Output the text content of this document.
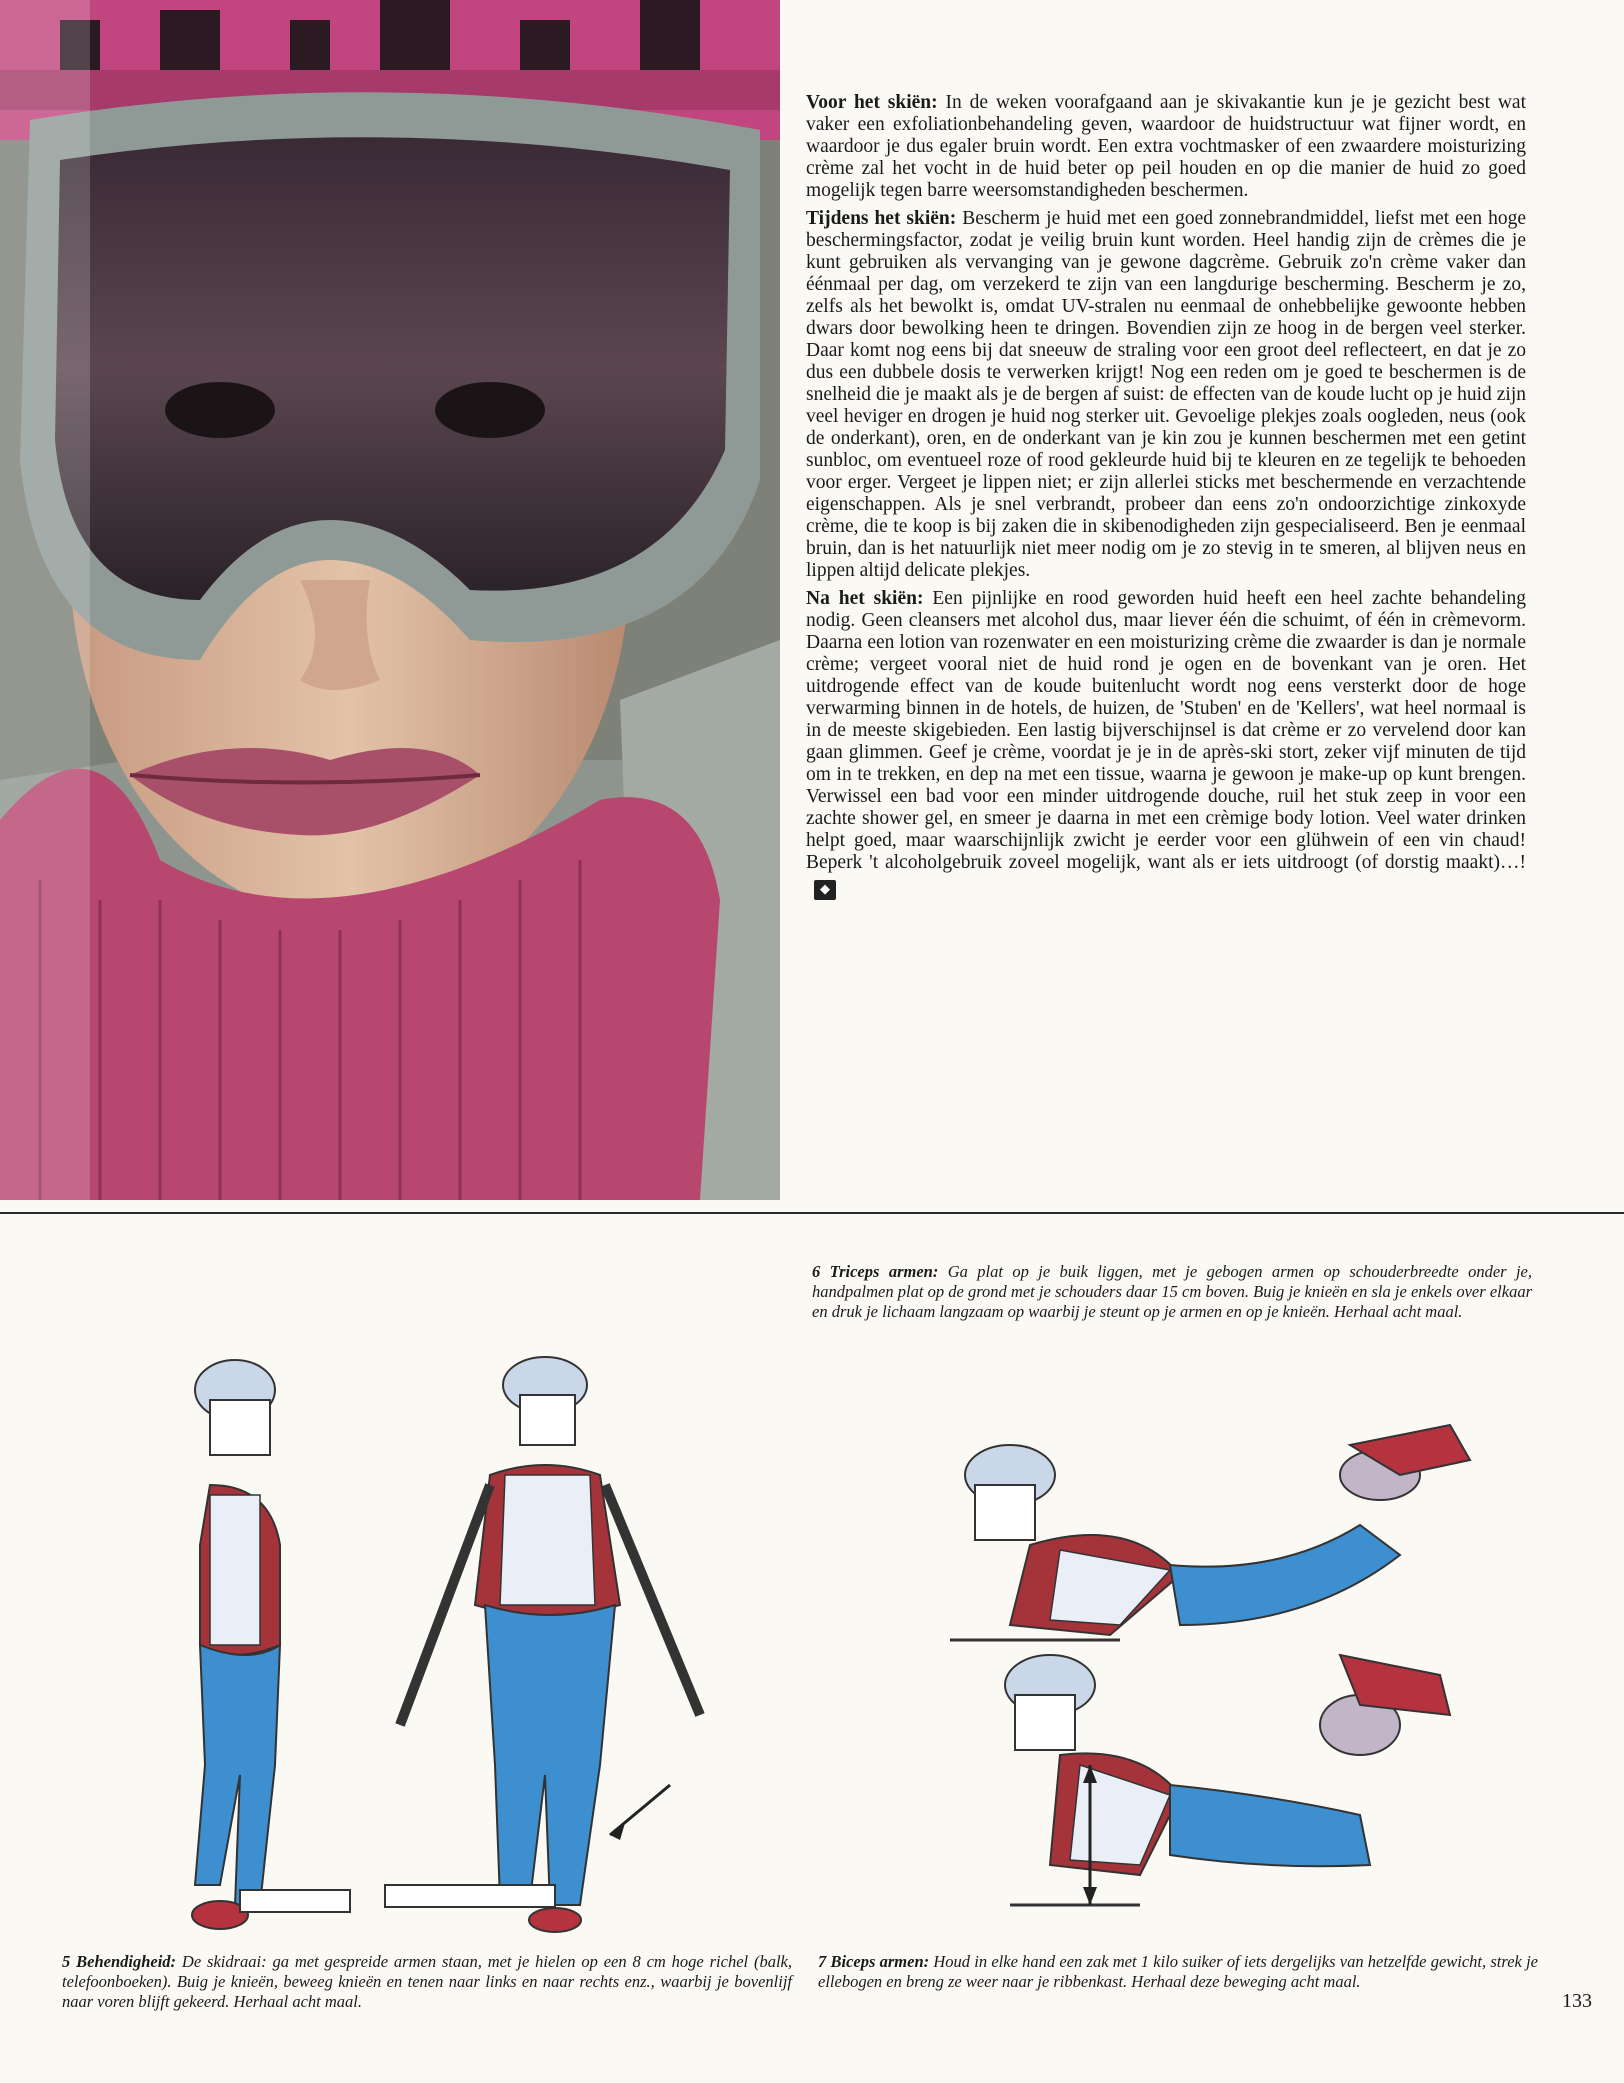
Voor het skiën: In de weken voorafgaand aan je skivakantie kun je je gezicht best wat vaker een exfoliationbehandeling geven, waardoor de huidstructuur wat fijner wordt, en waardoor je dus egaler bruin wordt. Een extra vochtmasker of een zwaardere moisturizing crème zal het vocht in de huid beter op peil houden en op die manier de huid zo goed mogelijk tegen barre weersomstandigheden beschermen.

Tijdens het skiën: Bescherm je huid met een goed zonnebrandmiddel, liefst met een hoge beschermingsfactor, zodat je veilig bruin kunt worden. Heel handig zijn de crèmes die je kunt gebruiken als vervanging van je gewone dagcrème. Gebruik zo'n crème vaker dan éénmaal per dag, om verzekerd te zijn van een langdurige bescherming. Bescherm je zo, zelfs als het bewolkt is, omdat UV-stralen nu eenmaal de onhebbelijke gewoonte hebben dwars door bewolking heen te dringen. Bovendien zijn ze hoog in de bergen veel sterker. Daar komt nog eens bij dat sneeuw de straling voor een groot deel reflecteert, en dat je zo dus een dubbele dosis te verwerken krijgt! Nog een reden om je goed te beschermen is de snelheid die je maakt als je de bergen af suist: de effecten van de koude lucht op je huid zijn veel heviger en drogen je huid nog sterker uit. Gevoelige plekjes zoals oogleden, neus (ook de onderkant), oren, en de onderkant van je kin zou je kunnen beschermen met een getint sunbloc, om eventueel roze of rood gekleurde huid bij te kleuren en ze tegelijk te behoeden voor erger. Vergeet je lippen niet; er zijn allerlei sticks met beschermende en verzachtende eigenschappen. Als je snel verbrandt, probeer dan eens zo'n ondoorzichtige zinkoxyde crème, die te koop is bij zaken die in skibenodigheden zijn gespecialiseerd. Ben je eenmaal bruin, dan is het natuurlijk niet meer nodig om je zo stevig in te smeren, al blijven neus en lippen altijd delicate plekjes.

Na het skiën: Een pijnlijke en rood geworden huid heeft een heel zachte behandeling nodig. Geen cleansers met alcohol dus, maar liever één die schuimt, of één in crèmevorm. Daarna een lotion van rozenwater en een moisturizing crème die zwaarder is dan je normale crème; vergeet vooral niet de huid rond je ogen en de bovenkant van je oren. Het uitdrogende effect van de koude buitenlucht wordt nog eens versterkt door de hoge verwarming binnen in de hotels, de huizen, de 'Stuben' en de 'Kellers', wat heel normaal is in de meeste skigebieden. Een lastig bijverschijnsel is dat crème er zo vervelend door kan gaan glimmen. Geef je crème, voordat je je in de après-ski stort, zeker vijf minuten de tijd om in te trekken, en dep na met een tissue, waarna je gewoon je make-up op kunt brengen. Verwissel een bad voor een minder uitdrogende douche, ruil het stuk zeep in voor een zachte shower gel, en smeer je daarna in met een crèmige body lotion. Veel water drinken helpt goed, maar waarschijnlijk zwicht je eerder voor een glühwein of een vin chaud! Beperk 't alcoholgebruik zoveel mogelijk, want als er iets uitdroogt (of dorstig maakt)…!◆

6 Triceps armen: Ga plat op je buik liggen, met je gebogen armen op schouderbreedte onder je, handpalmen plat op de grond met je schouders daar 15 cm boven. Buig je knieën en sla je enkels over elkaar en druk je lichaam langzaam op waarbij je steunt op je armen en op je knieën. Herhaal acht maal.
5 Behendigheid: De skidraai: ga met gespreide armen staan, met je hielen op een 8 cm hoge richel (balk, telefoonboeken). Buig je knieën, beweeg knieën en tenen naar links en naar rechts enz., waarbij je bovenlijf naar voren blijft gekeerd. Herhaal acht maal.
7 Biceps armen: Houd in elke hand een zak met 1 kilo suiker of iets dergelijks van hetzelfde gewicht, strek je ellebogen en breng ze weer naar je ribbenkast. Herhaal deze beweging acht maal.
133
